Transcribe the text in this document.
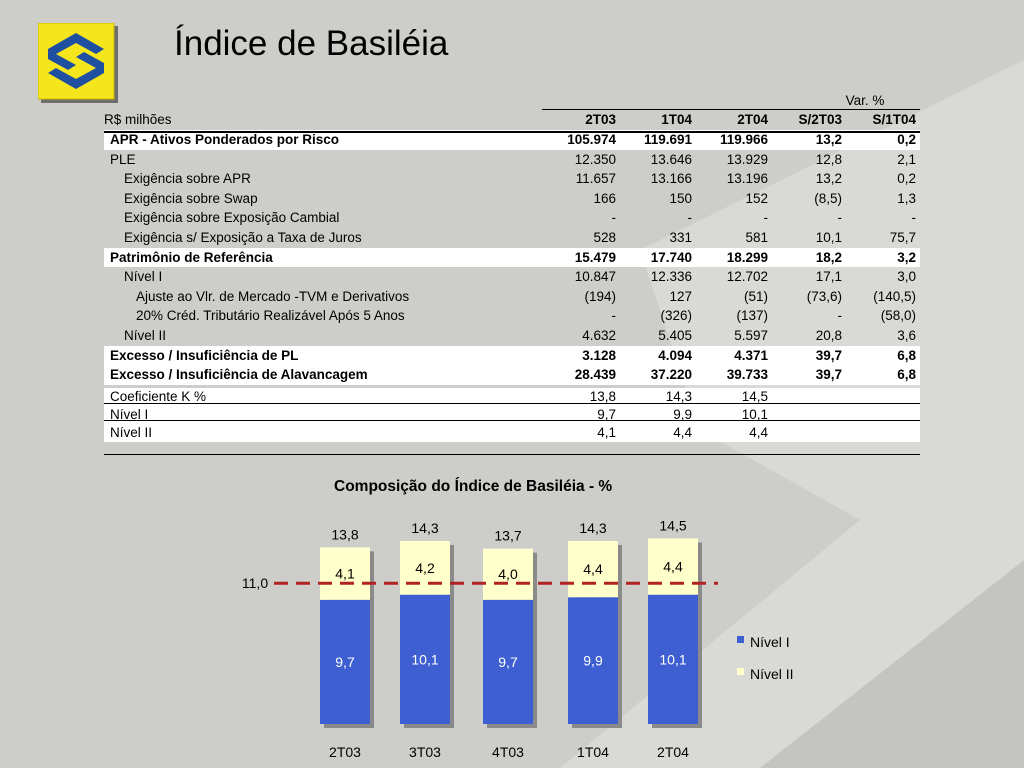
Índice de Basiléia
Var. %
R$ milhões	2T03	1T04	2T04	S/2T03	S/1T04
APR - Ativos Ponderados por Risco	105.974	119.691	119.966	13,2	0,2
PLE	12.350	13.646	13.929	12,8	2,1
Exigência sobre APR	11.657	13.166	13.196	13,2	0,2
Exigência sobre Swap	166	150	152	(8,5)	1,3
Exigência sobre Exposição Cambial	-	-	-	-	-
Exigência s/ Exposição a Taxa de Juros	528	331	581	10,1	75,7
Patrimônio de Referência	15.479	17.740	18.299	18,2	3,2
Nível I	10.847	12.336	12.702	17,1	3,0
Ajuste ao Vlr. de Mercado -TVM e Derivativos	(194)	127	(51)	(73,6)	(140,5)
20% Créd. Tributário Realizável Após 5 Anos	-	(326)	(137)	-	(58,0)
Nível II	4.632	5.405	5.597	20,8	3,6
Excesso / Insuficiência de PL	3.128	4.094	4.371	39,7	6,8
Excesso / Insuficiência de Alavancagem	28.439	37.220	39.733	39,7	6,8
Coeficiente K %	13,8	14,3	14,5
Nível I	9,7	9,9	10,1
Nível II	4,1	4,4	4,4
Composição do Índice de Basiléia - %
9,7
4,1
13,8
2T03
10,1
4,2
14,3
3T03
9,7
4,0
13,7
4T03
9,9
4,4
14,3
1T04
10,1
4,4
14,5
2T04
11,0
Nível I
Nível II
